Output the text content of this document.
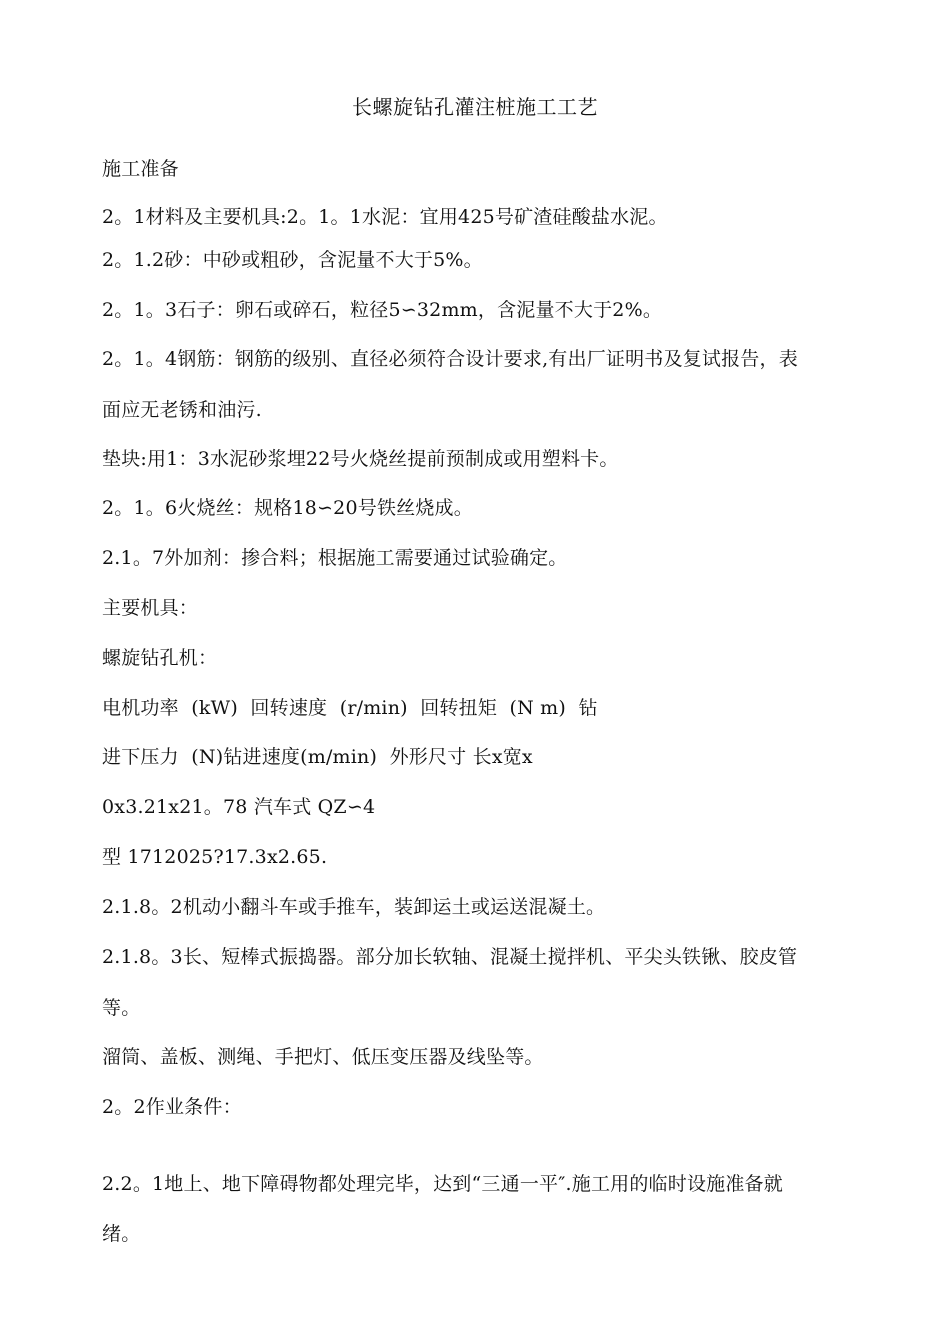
长螺旋钻孔灌注桩施工工艺
施工准备
2。1材料及主要机具:2。1。1水泥：宜用425号矿渣硅酸盐水泥。
2。1.2砂：中砂或粗砂，含泥量不大于5%。
2。1。3石子：卵石或碎石，粒径5∽32mm，含泥量不大于2%。
2。1。4钢筋：钢筋的级别、直径必须符合设计要求,有出厂证明书及复试报告，表
面应无老锈和油污.
垫块:用1：3水泥砂浆埋22号火烧丝提前预制成或用塑料卡。
2。1。6火烧丝：规格18∽20号铁丝烧成。
2.1。7外加剂：掺合料；根据施工需要通过试验确定。
主要机具：
螺旋钻孔机：
电机功率  (kW)  回转速度  (r/min)  回转扭矩  (N m)  钻
进下压力  (N)钻进速度(m/min)  外形尺寸 长x宽x
0x3.21x21。78 汽车式 QZ∽4
型 1712025?17.3x2.65.
2.1.8。2机动小翻斗车或手推车，装卸运土或运送混凝土。
2.1.8。3长、短棒式振捣器。部分加长软轴、混凝土搅拌机、平尖头铁锹、胶皮管
等。
溜筒、盖板、测绳、手把灯、低压变压器及线坠等。
2。2作业条件：
2.2。1地上、地下障碍物都处理完毕，达到“三通一平″.施工用的临时设施准备就
绪。
